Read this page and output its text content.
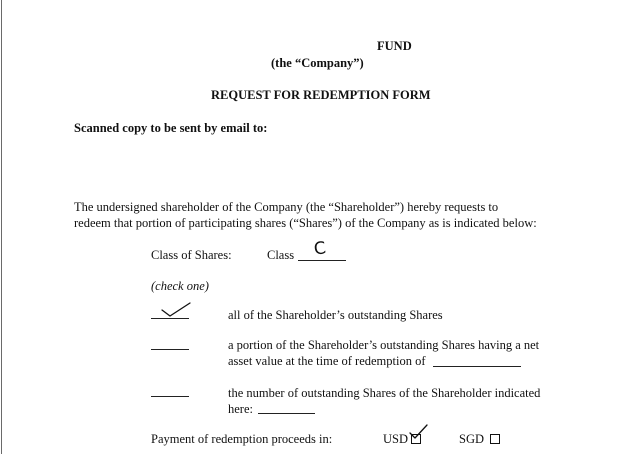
FUND
(the “Company”)
REQUEST FOR REDEMPTION FORM
Scanned copy to be sent by email to:
The undersigned shareholder of the Company (the “Shareholder”) hereby requests to
redeem that portion of participating shares (“Shares”) of the Company as is indicated below:
Class of Shares:	Class C
(check one)
all of the Shareholder’s outstanding Shares
a portion of the Shareholder’s outstanding Shares having a net
asset value at the time of redemption of
the number of outstanding Shares of the Shareholder indicated
here:
Payment of redemption proceeds in:	USD	SGD
